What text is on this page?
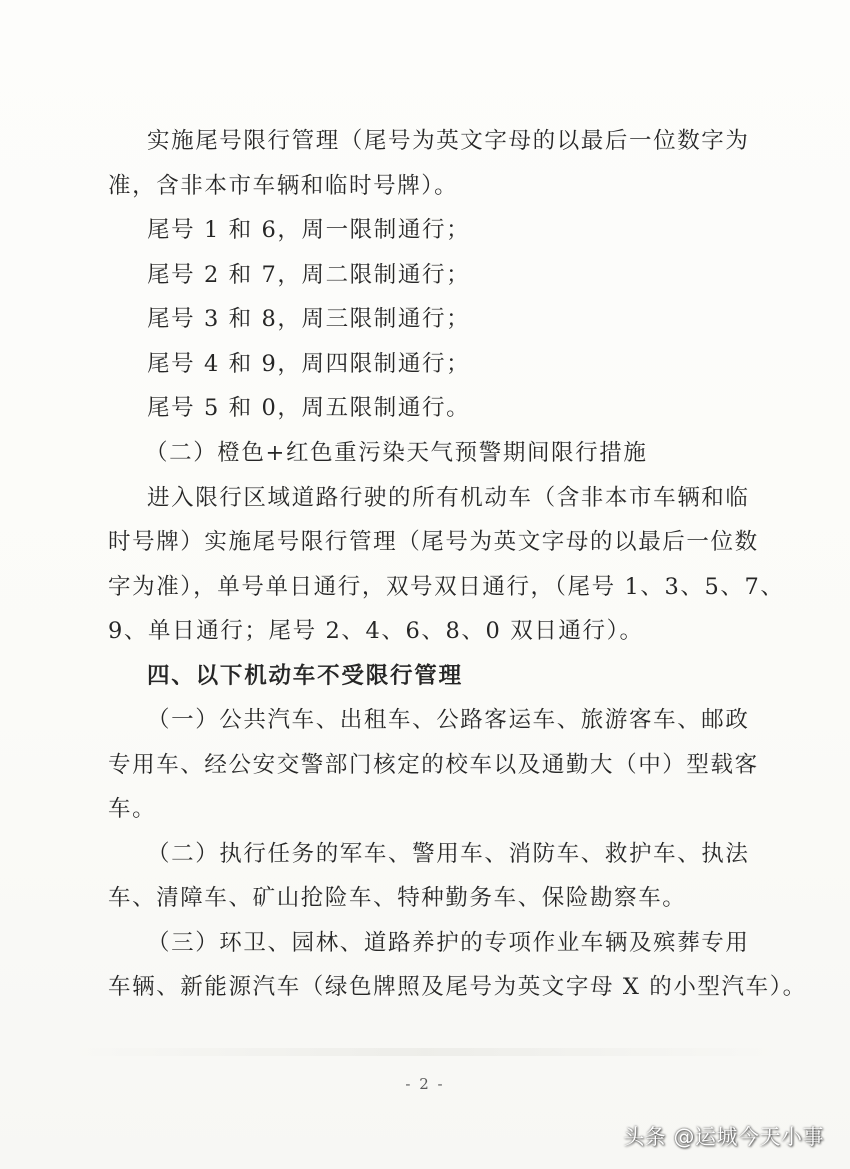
实施尾号限行管理（尾号为英文字母的以最后一位数字为
准，含非本市车辆和临时号牌）。
尾号 1 和 6，周一限制通行；
尾号 2 和 7，周二限制通行；
尾号 3 和 8，周三限制通行；
尾号 4 和 9，周四限制通行；
尾号 5 和 0，周五限制通行。
（二）橙色+红色重污染天气预警期间限行措施
进入限行区域道路行驶的所有机动车（含非本市车辆和临
时号牌）实施尾号限行管理（尾号为英文字母的以最后一位数
字为准），单号单日通行，双号双日通行，（尾号 1、3、5、7、
9、单日通行；尾号 2、4、6、8、0 双日通行）。
四、以下机动车不受限行管理
（一）公共汽车、出租车、公路客运车、旅游客车、邮政
专用车、经公安交警部门核定的校车以及通勤大（中）型载客
车。
（二）执行任务的军车、警用车、消防车、救护车、执法
车、清障车、矿山抢险车、特种勤务车、保险勘察车。
（三）环卫、园林、道路养护的专项作业车辆及殡葬专用
车辆、新能源汽车（绿色牌照及尾号为英文字母 X 的小型汽车）。
- 2 -
头条 @运城今天小事
